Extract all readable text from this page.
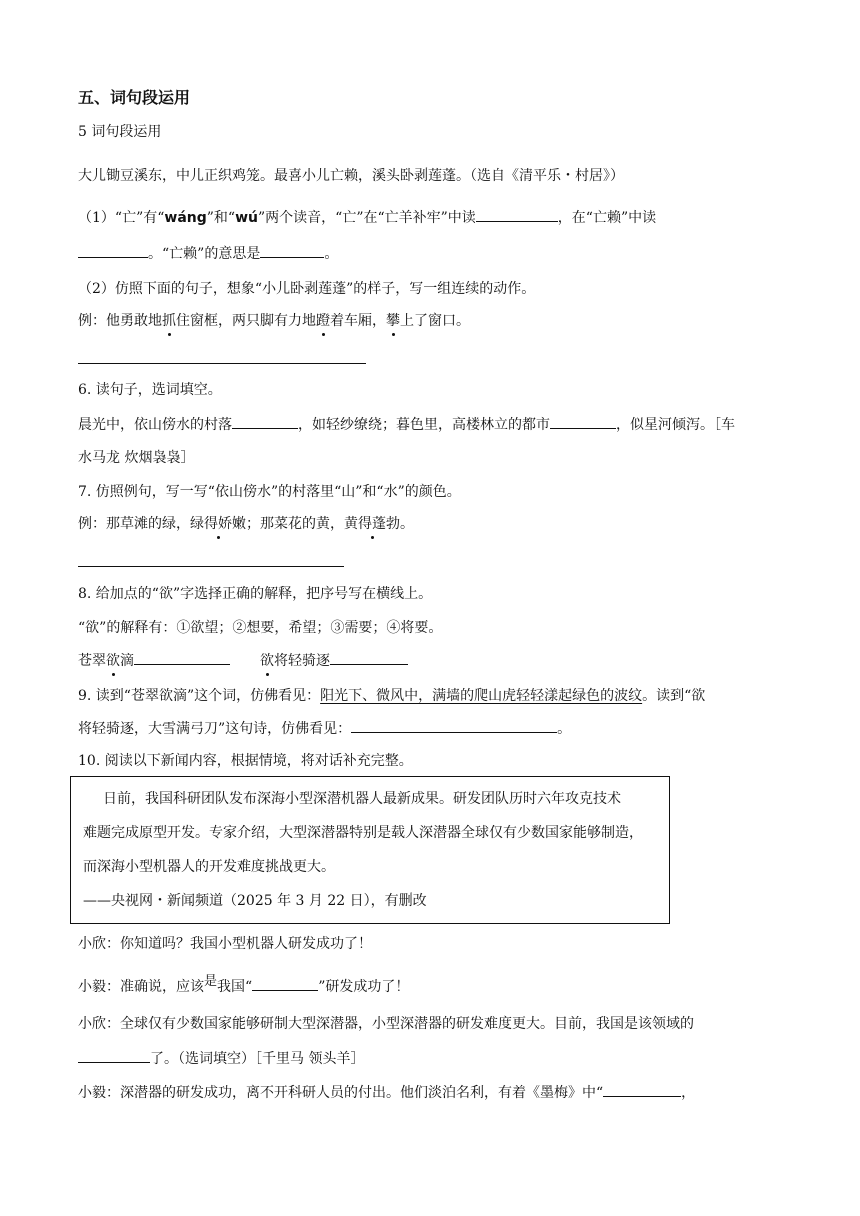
五、词句段运用
5 词句段运用
大儿锄豆溪东，中儿正织鸡笼。最喜小儿亡赖，溪头卧剥莲蓬。（选自《清平乐・村居》）
（1）“亡”有“wáng”和“wú”两个读音，“亡”在“亡羊补牢”中读	，在“亡赖”中读
。“亡赖”的意思是	。
（2）仿照下面的句子，想象“小儿卧剥莲蓬”的样子，写一组连续的动作。
例：他勇敢地抓住窗框，两只脚有力地蹬着车厢，攀上了窗口。
6. 读句子，选词填空。
晨光中，依山傍水的村落	，如轻纱缭绕；暮色里，高楼林立的都市	，似星河倾泻。［车
水马龙 炊烟袅袅］
7. 仿照例句，写一写“依山傍水”的村落里“山”和“水”的颜色。
例：那草滩的绿，绿得娇嫩；那菜花的黄，黄得蓬勃。
8. 给加点的“欲”字选择正确的解释，把序号写在横线上。
“欲”的解释有：①欲望；②想要，希望；③需要；④将要。
苍翠欲滴	欲将轻骑逐
9. 读到“苍翠欲滴”这个词，仿佛看见：阳光下、微风中，满墙的爬山虎轻轻漾起绿色的波纹。读到“欲
将轻骑逐，大雪满弓刀”这句诗，仿佛看见：	。
10. 阅读以下新闻内容，根据情境，将对话补充完整。
日前，我国科研团队发布深海小型深潜机器人最新成果。研发团队历时六年攻克技术
难题完成原型开发。专家介绍，大型深潜器特别是载人深潜器全球仅有少数国家能够制造，
而深海小型机器人的开发难度挑战更大。
——央视网・新闻频道（2025 年 3 月 22 日），有删改
小欣：你知道吗？我国小型机器人研发成功了！
小毅：准确说，应该是我国“	”研发成功了！
小欣：全球仅有少数国家能够研制大型深潜器，小型深潜器的研发难度更大。目前，我国是该领域的
了。（选词填空）［千里马 领头羊］
小毅：深潜器的研发成功，离不开科研人员的付出。他们淡泊名利，有着《墨梅》中“	，
